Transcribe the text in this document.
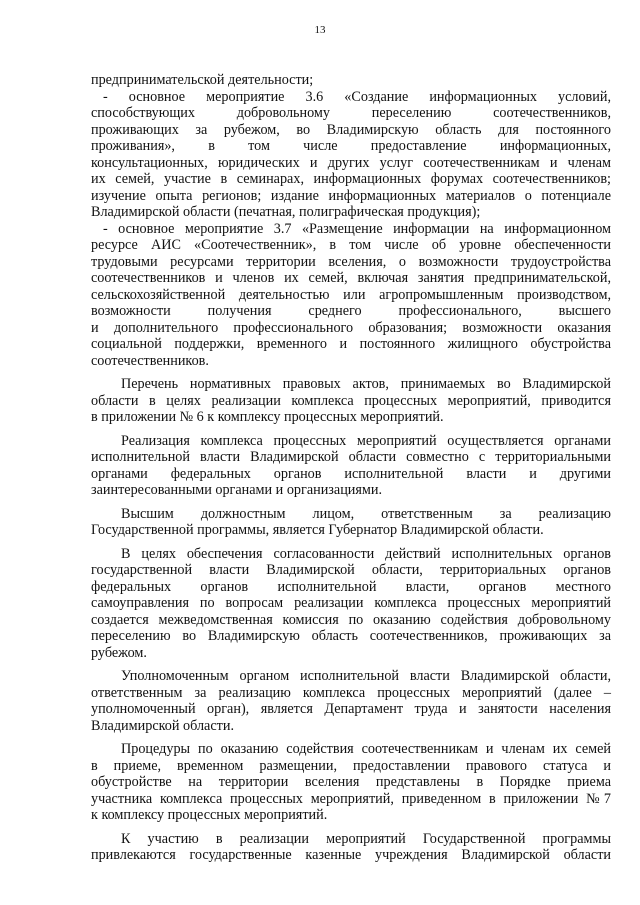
13

предпринимательской деятельности;

- основное мероприятие 3.6 «Создание информационных условий,
способствующих добровольному переселению соотечественников,
проживающих за рубежом, во Владимирскую область для постоянного
проживания», в том числе предоставление информационных,
консультационных, юридических и других услуг соотечественникам и членам
их семей, участие в семинарах, информационных форумах соотечественников;
изучение опыта регионов; издание информационных материалов о потенциале
Владимирской области (печатная, полиграфическая продукция);

- основное мероприятие 3.7 «Размещение информации на информационном
ресурсе АИС «Соотечественник», в том числе об уровне обеспеченности
трудовыми ресурсами территории вселения, о возможности трудоустройства
соотечественников и членов их семей, включая занятия предпринимательской,
сельскохозяйственной деятельностью или агропромышленным производством,
возможности получения среднего профессионального, высшего
и дополнительного профессионального образования; возможности оказания
социальной поддержки, временного и постоянного жилищного обустройства
соотечественников.

Перечень нормативных правовых актов, принимаемых во Владимирской
области в целях реализации комплекса процессных мероприятий, приводится
в приложении № 6 к комплексу процессных мероприятий.

Реализация комплекса процессных мероприятий осуществляется органами
исполнительной власти Владимирской области совместно с территориальными
органами федеральных органов исполнительной власти и другими
заинтересованными органами и организациями.

Высшим должностным лицом, ответственным за реализацию
Государственной программы, является Губернатор Владимирской области.

В целях обеспечения согласованности действий исполнительных органов
государственной власти Владимирской области, территориальных органов
федеральных органов исполнительной власти, органов местного
самоуправления по вопросам реализации комплекса процессных мероприятий
создается межведомственная комиссия по оказанию содействия добровольному
переселению во Владимирскую область соотечественников, проживающих за
рубежом.

Уполномоченным органом исполнительной власти Владимирской области,
ответственным за реализацию комплекса процессных мероприятий (далее –
уполномоченный орган), является Департамент труда и занятости населения
Владимирской области.

Процедуры по оказанию содействия соотечественникам и членам их семей
в приеме, временном размещении, предоставлении правового статуса и
обустройстве на территории вселения представлены в Порядке приема
участника комплекса процессных мероприятий, приведенном в приложении №7
к комплексу процессных мероприятий.

К участию в реализации мероприятий Государственной программы
привлекаются государственные казенные учреждения Владимирской области
